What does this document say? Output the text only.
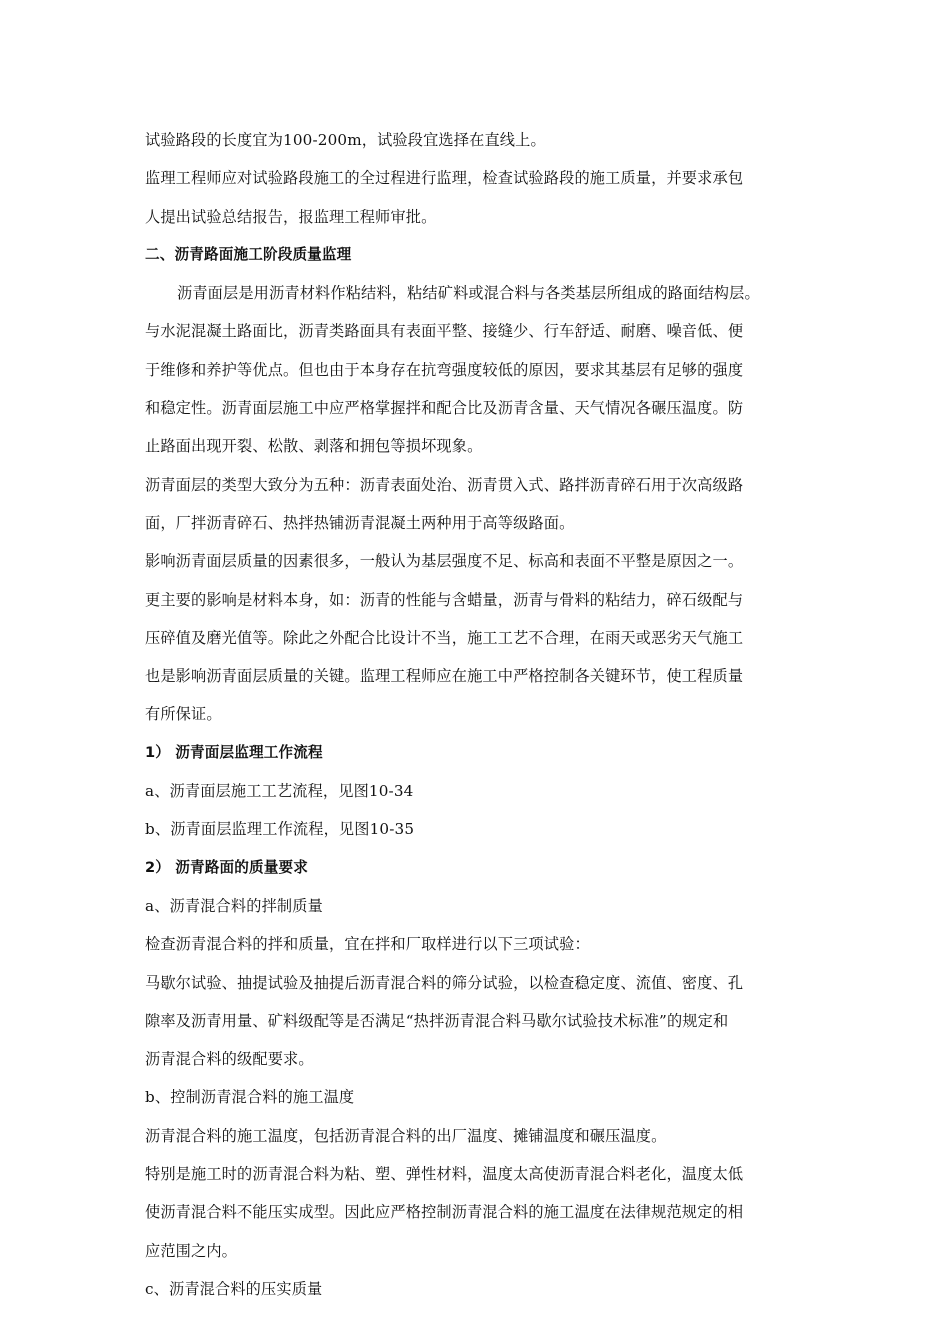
试验路段的长度宜为100-200m，试验段宜选择在直线上。
监理工程师应对试验路段施工的全过程进行监理，检查试验路段的施工质量，并要求承包
人提出试验总结报告，报监理工程师审批。
二、沥青路面施工阶段质量监理
沥青面层是用沥青材料作粘结料，粘结矿料或混合料与各类基层所组成的路面结构层。
与水泥混凝土路面比，沥青类路面具有表面平整、接缝少、行车舒适、耐磨、噪音低、便
于维修和养护等优点。但也由于本身存在抗弯强度较低的原因，要求其基层有足够的强度
和稳定性。沥青面层施工中应严格掌握拌和配合比及沥青含量、天气情况各碾压温度。防
止路面出现开裂、松散、剥落和拥包等损坏现象。
沥青面层的类型大致分为五种：沥青表面处治、沥青贯入式、路拌沥青碎石用于次高级路
面，厂拌沥青碎石、热拌热铺沥青混凝土两种用于高等级路面。
影响沥青面层质量的因素很多，一般认为基层强度不足、标高和表面不平整是原因之一。
更主要的影响是材料本身，如：沥青的性能与含蜡量，沥青与骨料的粘结力，碎石级配与
压碎值及磨光值等。除此之外配合比设计不当，施工工艺不合理，在雨天或恶劣天气施工
也是影响沥青面层质量的关键。监理工程师应在施工中严格控制各关键环节，使工程质量
有所保证。
1） 沥青面层监理工作流程
a、沥青面层施工工艺流程，见图10-34
b、沥青面层监理工作流程，见图10-35
2） 沥青路面的质量要求
a、沥青混合料的拌制质量
检查沥青混合料的拌和质量，宜在拌和厂取样进行以下三项试验：
马歇尔试验、抽提试验及抽提后沥青混合料的筛分试验，以检查稳定度、流值、密度、孔
隙率及沥青用量、矿料级配等是否满足“热拌沥青混合料马歇尔试验技术标准”的规定和
沥青混合料的级配要求。
b、控制沥青混合料的施工温度
沥青混合料的施工温度，包括沥青混合料的出厂温度、摊铺温度和碾压温度。
特别是施工时的沥青混合料为粘、塑、弹性材料，温度太高使沥青混合料老化，温度太低
使沥青混合料不能压实成型。因此应严格控制沥青混合料的施工温度在法律规范规定的相
应范围之内。
c、沥青混合料的压实质量
